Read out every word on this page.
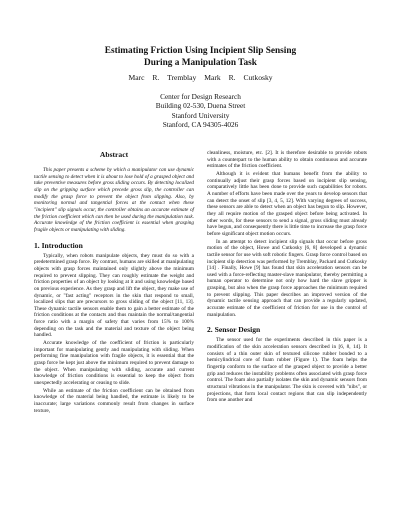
Estimating Friction Using Incipient Slip Sensing
During a Manipulation Task
Marc R. Tremblay Mark R. Cutkosky
Center for Design Research
Building 02-530, Duena Street
Stanford University
Stanford, CA 94305-4026
Abstract

This paper presents a scheme by which a manipulator can use dynamic tactile sensing to detect when it is about to lose hold of a grasped object and take preventive measures before gross sliding occurs. By detecting localized slip on the gripping surface which precede gross slip, the controller can modify the grasp force to prevent the object from slipping. Also, by monitoring normal and tangential forces at the contact when these "incipient" slip signals occur, the controller obtains an accurate estimate of the friction coefficient which can then be used during the manipulation task. Accurate knowledge of the friction coefficient is essential when grasping fragile objects or manipulating with sliding.

1. Introduction

Typically, when robots manipulate objects, they must do so with a predetermined grasp force. By contrast, humans are skilled at manipulating objects with grasp forces maintained only slightly above the minimum required to prevent slipping. They can roughly estimate the weight and friction properties of an object by looking at it and using knowledge based on previous experience. As they grasp and lift the object, they make use of dynamic, or "fast acting" receptors in the skin that respond to small, localized slips that are precursors to gross sliding of the object [11, 13]. These dynamic tactile sensors enable them to gain a better estimate of the friction conditions at the contacts and thus maintain the normal/tangential force ratio with a margin of safety that varies from 15% to 100% depending on the task and the material and texture of the object being handled.

Accurate knowledge of the coefficient of friction is particularly important for manipulating gently and manipulating with sliding. When performing fine manipulation with fragile objects, it is essential that the grasp force be kept just above the minimum required to prevent damage to the object. When manipulating with sliding, accurate and current knowledge of friction conditions is essential to keep the object from unexpectedly accelerating or ceasing to slide.

While an estimate of the friction coefficient can be obtained from knowledge of the material being handled, the estimate is likely to be inaccurate; large variations commonly result from changes in surface texture,

cleanliness, moisture, etc. [2]. It is therefore desirable to provide robots with a counterpart to the human ability to obtain continuous and accurate estimates of the friction coefficient.

Although it is evident that humans benefit from the ability to continually adjust their grasp forces based on incipient slip sensing, comparatively little has been done to provide such capabilities for robots. A number of efforts have been made over the years to develop sensors that can detect the onset of slip [3, 4, 5, 12]. With varying degrees of success, these sensors are able to detect when an object has begun to slip. However, they all require motion of the grasped object before being activated. In other words, for these sensors to send a signal, gross sliding must already have begun, and consequently there is little time to increase the grasp force before significant object motion occurs.

In an attempt to detect incipient slip signals that occur before gross motion of the object, Howe and Cutkosky [6, 8] developed a dynamic tactile sensor for use with soft robotic fingers. Grasp force control based on incipient slip detection was performed by Tremblay, Packard and Cutkosky [14] . Finally, Howe [9] has found that skin acceleration sensors can be used with a force-reflecting master-slave manipulator, thereby permitting a human operator to determine not only how hard the slave gripper is grasping, but also when the grasp force approaches the minimum required to prevent slipping. This paper describes an improved version of the dynamic tactile sensing approach that can provide a regularly updated, accurate estimate of the coefficient of friction for use in the control of manipulation.

2. Sensor Design

The sensor used for the experiments described in this paper is a modification of the skin acceleration sensors described in [6, 8, 14]. It consists of a thin outer skin of textured silicone rubber bonded to a hemicylindrical core of foam rubber (Figure 1). The foam helps the fingertip conform to the surface of the grasped object to provide a better grip and reduces the instability problems often associated with grasp force control. The foam also partially isolates the skin and dynamic sensors from structural vibrations in the manipulator. The skin is covered with "nibs", or projections, that form local contact regions that can slip independently from one another and
